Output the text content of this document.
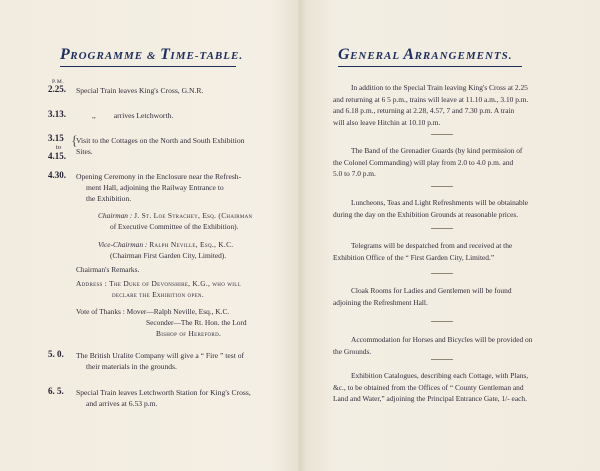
PROGRAMME & TIME-TABLE.
P.M.
2.25. Special Train leaves King's Cross, G.N.R.
3.13.	,, arrives Letchworth.
3.15
to
4.15.
{
Visit to the Cottages on the North and South Exhibition
Sites.
4.30. Opening Ceremony in the Enclosure near the Refresh-
ment Hall, adjoining the Railway Entrance to
the Exhibition.
Chairman : J. St. Loe Strachey, Esq. (Chairman
of Executive Committee of the Exhibition).
Vice-Chairman : Ralph Neville, Esq., K.C.
(Chairman First Garden City, Limited).
Chairman's Remarks.
Address : The Duke of Devonshire, K.G., who will
declare the Exhibition open.
Vote of Thanks : Mover—Ralph Neville, Esq., K.C.
Seconder—The Rt. Hon. the Lord
Bishop of Hereford.
5. 0. The British Uralite Company will give a “ Fire ” test of
their materials in the grounds.
6. 5. Special Train leaves Letchworth Station for King's Cross,
and arrives at 6.53 p.m.
GENERAL ARRANGEMENTS.
In addition to the Special Train leaving King's Cross at 2.25
and returning at 6 5 p.m., trains will leave at 11.10 a.m., 3.10 p.m.
and 6.18 p.m., returning at 2.28, 4.57, 7 and 7.30 p.m. A train
will also leave Hitchin at 10.10 p.m.
The Band of the Grenadier Guards (by kind permission of
the Colonel Commanding) will play from 2.0 to 4.0 p.m. and
5.0 to 7.0 p.m.
Luncheons, Teas and Light Refreshments will be obtainable
during the day on the Exhibition Grounds at reasonable prices.
Telegrams will be despatched from and received at the
Exhibition Office of the “ First Garden City, Limited.”
Cloak Rooms for Ladies and Gentlemen will be found
adjoining the Refreshment Hall.
Accommodation for Horses and Bicycles will be provided on
the Grounds.
Exhibition Catalogues, describing each Cottage, with Plans,
&c., to be obtained from the Offices of “ County Gentleman and
Land and Water,” adjoining the Principal Entrance Gate, 1/- each.
